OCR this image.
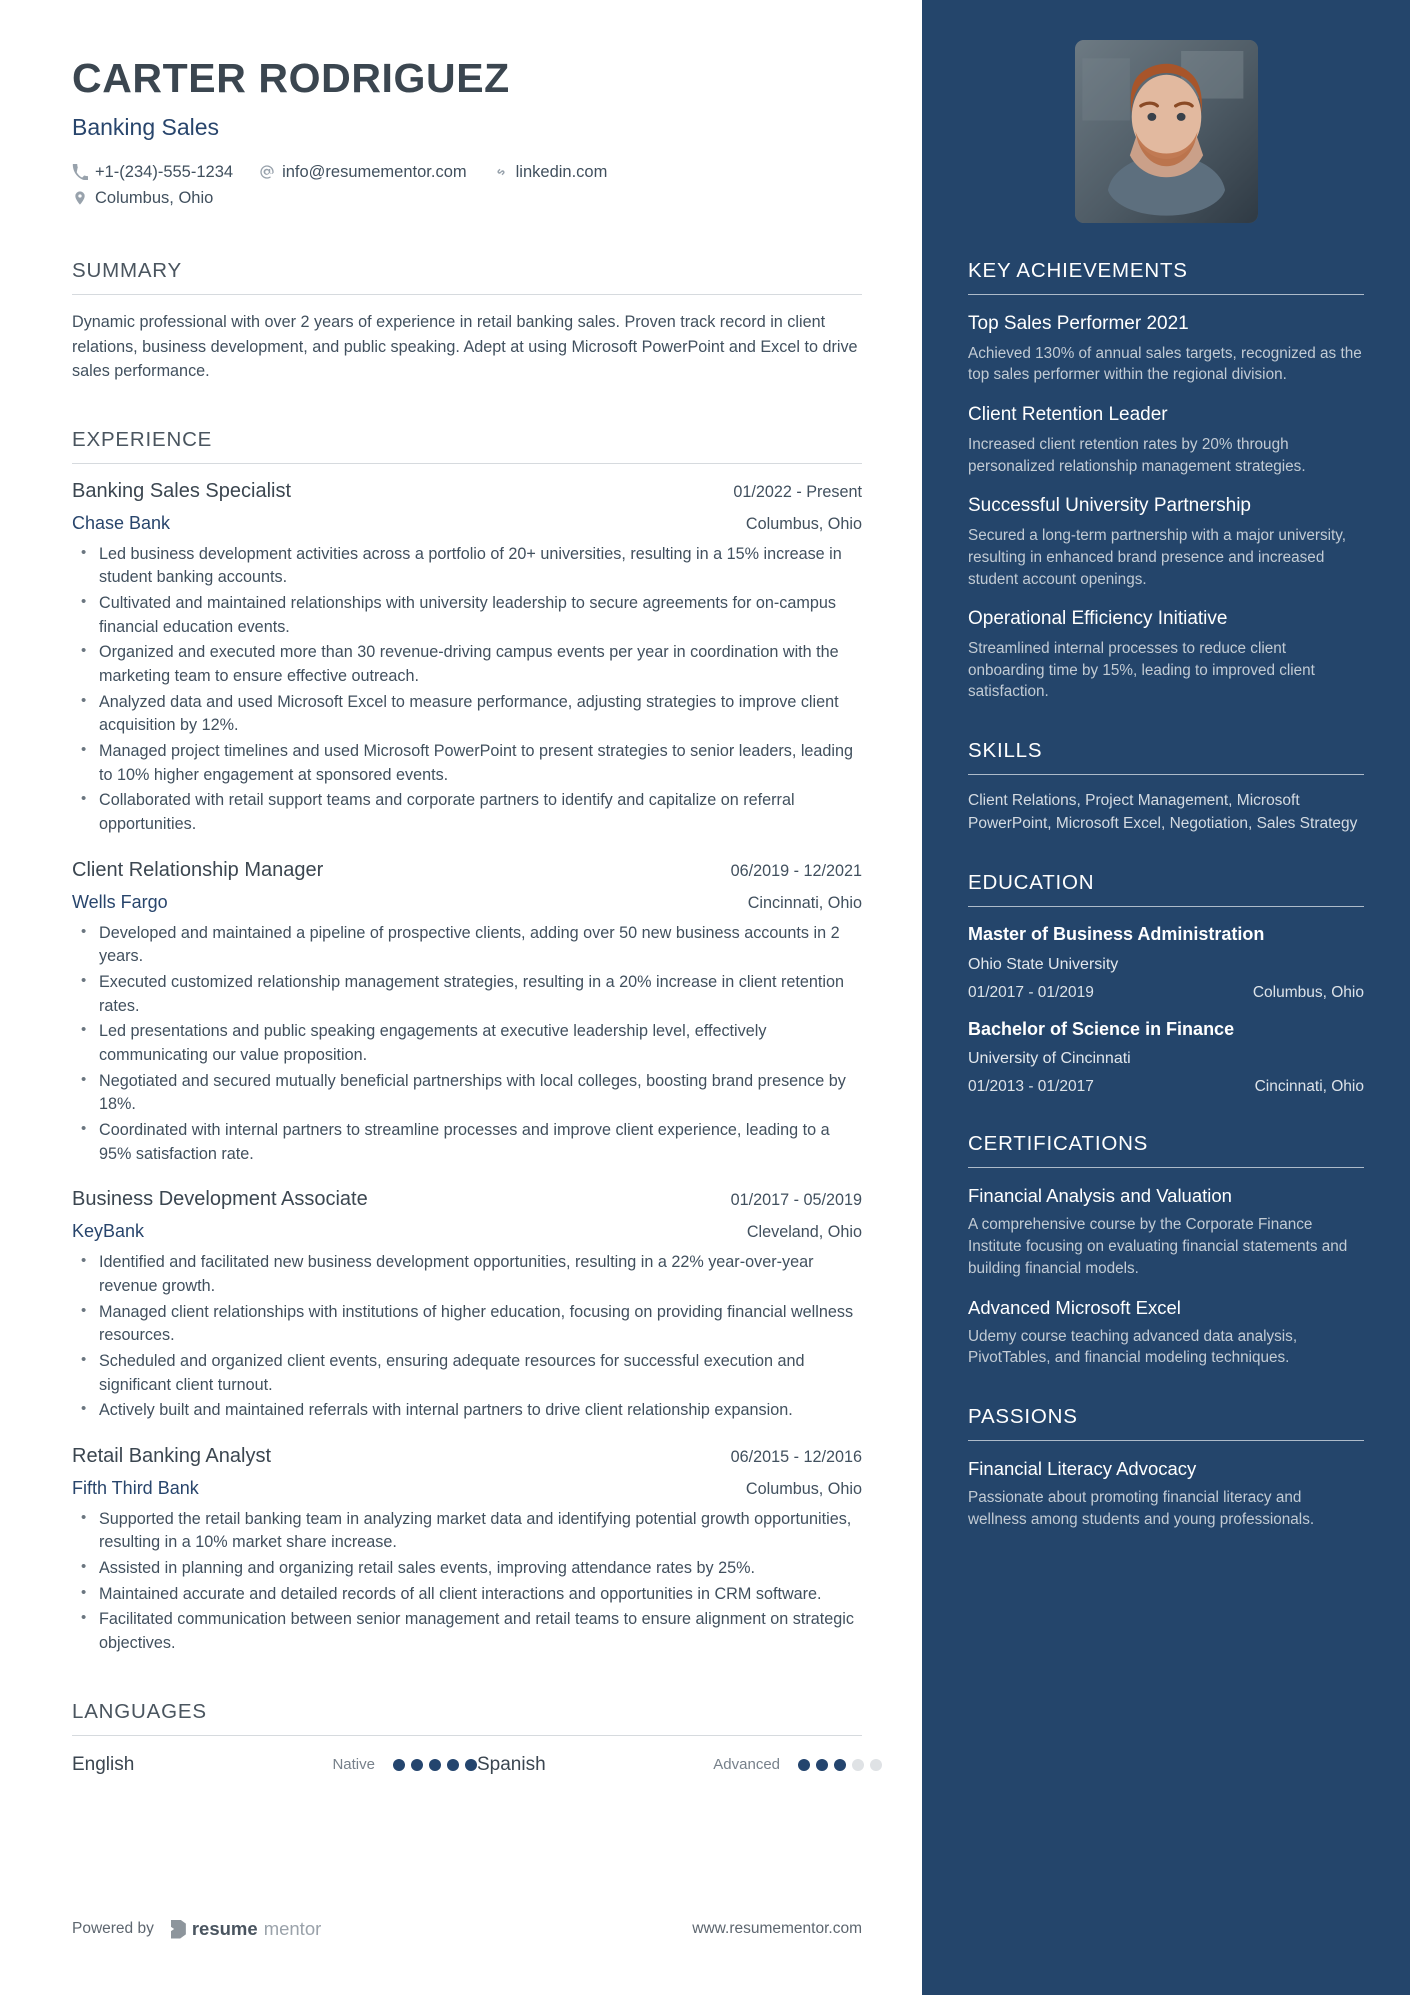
CARTER RODRIGUEZ
Banking Sales
+1-(234)-555-1234	info@resumementor.com	linkedin.com
Columbus, Ohio
SUMMARY
Dynamic professional with over 2 years of experience in retail banking sales. Proven track record in client relations, business development, and public speaking. Adept at using Microsoft PowerPoint and Excel to drive sales performance.
EXPERIENCE
Banking Sales Specialist	01/2022 - Present
Chase Bank	Columbus, Ohio
• Led business development activities across a portfolio of 20+ universities, resulting in a 15% increase in student banking accounts.
• Cultivated and maintained relationships with university leadership to secure agreements for on-campus financial education events.
• Organized and executed more than 30 revenue-driving campus events per year in coordination with the marketing team to ensure effective outreach.
• Analyzed data and used Microsoft Excel to measure performance, adjusting strategies to improve client acquisition by 12%.
• Managed project timelines and used Microsoft PowerPoint to present strategies to senior leaders, leading to 10% higher engagement at sponsored events.
• Collaborated with retail support teams and corporate partners to identify and capitalize on referral opportunities.
Client Relationship Manager	06/2019 - 12/2021
Wells Fargo	Cincinnati, Ohio
• Developed and maintained a pipeline of prospective clients, adding over 50 new business accounts in 2 years.
• Executed customized relationship management strategies, resulting in a 20% increase in client retention rates.
• Led presentations and public speaking engagements at executive leadership level, effectively communicating our value proposition.
• Negotiated and secured mutually beneficial partnerships with local colleges, boosting brand presence by 18%.
• Coordinated with internal partners to streamline processes and improve client experience, leading to a 95% satisfaction rate.
Business Development Associate	01/2017 - 05/2019
KeyBank	Cleveland, Ohio
• Identified and facilitated new business development opportunities, resulting in a 22% year-over-year revenue growth.
• Managed client relationships with institutions of higher education, focusing on providing financial wellness resources.
• Scheduled and organized client events, ensuring adequate resources for successful execution and significant client turnout.
• Actively built and maintained referrals with internal partners to drive client relationship expansion.
Retail Banking Analyst	06/2015 - 12/2016
Fifth Third Bank	Columbus, Ohio
• Supported the retail banking team in analyzing market data and identifying potential growth opportunities, resulting in a 10% market share increase.
• Assisted in planning and organizing retail sales events, improving attendance rates by 25%.
• Maintained accurate and detailed records of all client interactions and opportunities in CRM software.
• Facilitated communication between senior management and retail teams to ensure alignment on strategic objectives.
LANGUAGES
English	Native	Spanish	Advanced
Powered by resume mentor	www.resumementor.com
KEY ACHIEVEMENTS
Top Sales Performer 2021
Achieved 130% of annual sales targets, recognized as the top sales performer within the regional division.
Client Retention Leader
Increased client retention rates by 20% through personalized relationship management strategies.
Successful University Partnership
Secured a long-term partnership with a major university, resulting in enhanced brand presence and increased student account openings.
Operational Efficiency Initiative
Streamlined internal processes to reduce client onboarding time by 15%, leading to improved client satisfaction.
SKILLS
Client Relations, Project Management, Microsoft PowerPoint, Microsoft Excel, Negotiation, Sales Strategy
EDUCATION
Master of Business Administration
Ohio State University
01/2017 - 01/2019	Columbus, Ohio
Bachelor of Science in Finance
University of Cincinnati
01/2013 - 01/2017	Cincinnati, Ohio
CERTIFICATIONS
Financial Analysis and Valuation
A comprehensive course by the Corporate Finance Institute focusing on evaluating financial statements and building financial models.
Advanced Microsoft Excel
Udemy course teaching advanced data analysis, PivotTables, and financial modeling techniques.
PASSIONS
Financial Literacy Advocacy
Passionate about promoting financial literacy and wellness among students and young professionals.
